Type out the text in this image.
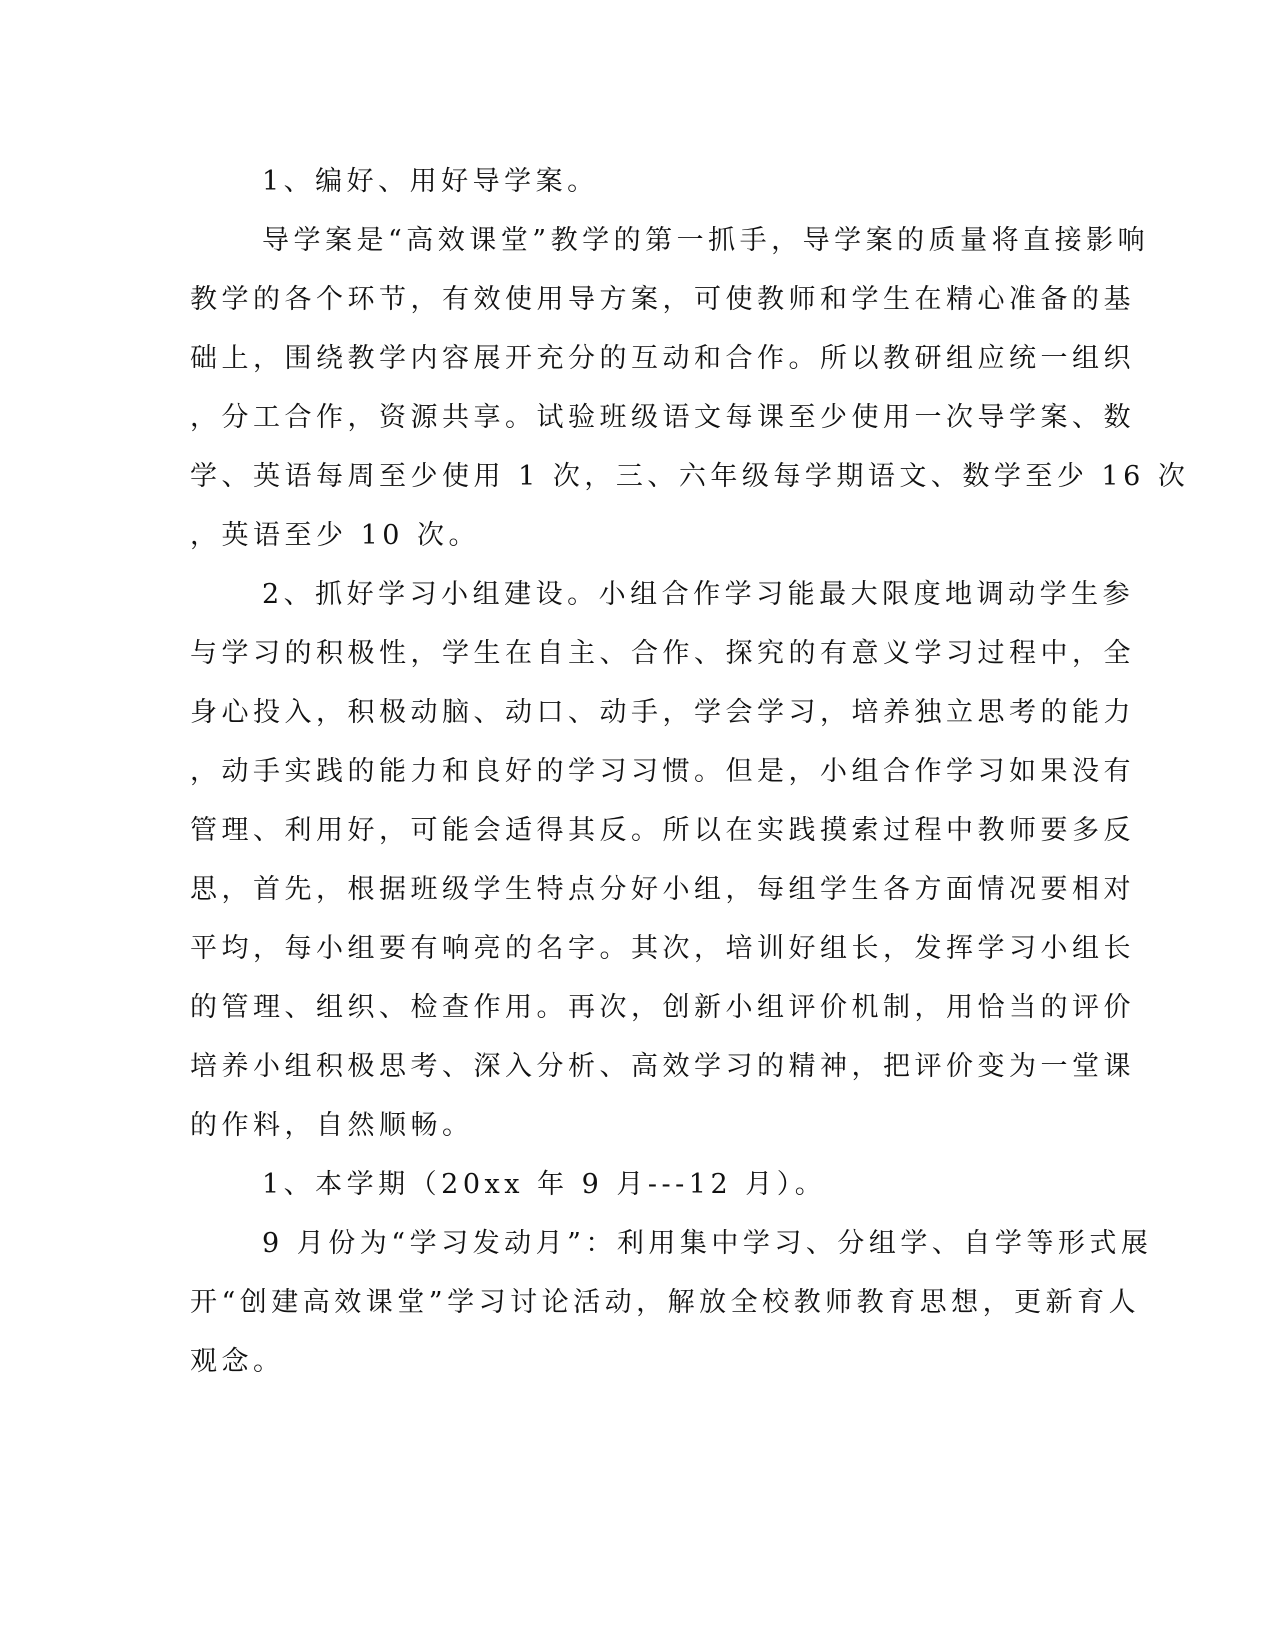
1、编好、用好导学案。
导学案是“高效课堂”教学的第一抓手，导学案的质量将直接影响
教学的各个环节，有效使用导方案，可使教师和学生在精心准备的基
础上，围绕教学内容展开充分的互动和合作。所以教研组应统一组织
，分工合作，资源共享。试验班级语文每课至少使用一次导学案、数
学、英语每周至少使用 1 次，三、六年级每学期语文、数学至少 16 次
，英语至少 10 次。
2、抓好学习小组建设。小组合作学习能最大限度地调动学生参
与学习的积极性，学生在自主、合作、探究的有意义学习过程中，全
身心投入，积极动脑、动口、动手，学会学习，培养独立思考的能力
，动手实践的能力和良好的学习习惯。但是，小组合作学习如果没有
管理、利用好，可能会适得其反。所以在实践摸索过程中教师要多反
思，首先，根据班级学生特点分好小组，每组学生各方面情况要相对
平均，每小组要有响亮的名字。其次，培训好组长，发挥学习小组长
的管理、组织、检查作用。再次，创新小组评价机制，用恰当的评价
培养小组积极思考、深入分析、高效学习的精神，把评价变为一堂课
的作料，自然顺畅。
1、本学期（20xx 年 9 月---12 月）。
9 月份为“学习发动月”：利用集中学习、分组学、自学等形式展
开“创建高效课堂”学习讨论活动，解放全校教师教育思想，更新育人
观念。
